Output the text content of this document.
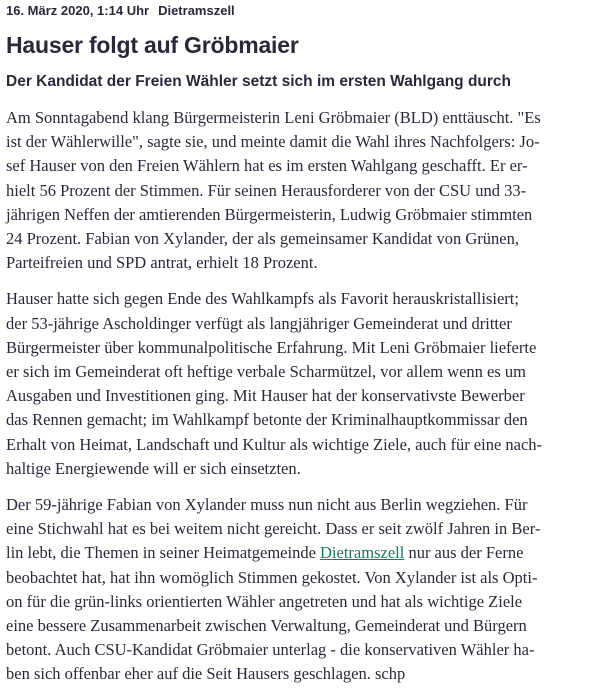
16. März 2020, 1:14 Uhr Dietramszell
Hauser folgt auf Gröbmaier
Der Kandidat der Freien Wähler setzt sich im ersten Wahlgang durch

Am Sonntagabend klang Bürgermeisterin Leni Gröbmaier (BLD) enttäuscht. "Es
ist der Wählerwille", sagte sie, und meinte damit die Wahl ihres Nachfolgers: Jo-
sef Hauser von den Freien Wählern hat es im ersten Wahlgang geschafft. Er er-
hielt 56 Prozent der Stimmen. Für seinen Herausforderer von der CSU und 33-
jährigen Neffen der amtierenden Bürgermeisterin, Ludwig Gröbmaier stimmten
24 Prozent. Fabian von Xylander, der als gemeinsamer Kandidat von Grünen,
Parteifreien und SPD antrat, erhielt 18 Prozent.

Hauser hatte sich gegen Ende des Wahlkampfs als Favorit herauskristallisiert;
der 53-jährige Ascholdinger verfügt als langjähriger Gemeinderat und dritter
Bürgermeister über kommunalpolitische Erfahrung. Mit Leni Gröbmaier lieferte
er sich im Gemeinderat oft heftige verbale Scharmützel, vor allem wenn es um
Ausgaben und Investitionen ging. Mit Hauser hat der konservativste Bewerber
das Rennen gemacht; im Wahlkampf betonte der Kriminalhauptkommissar den
Erhalt von Heimat, Landschaft und Kultur als wichtige Ziele, auch für eine nach-
haltige Energiewende will er sich einsetzten.

Der 59-jährige Fabian von Xylander muss nun nicht aus Berlin wegziehen. Für
eine Stichwahl hat es bei weitem nicht gereicht. Dass er seit zwölf Jahren in Ber-
lin lebt, die Themen in seiner Heimatgemeinde Dietramszell nur aus der Ferne
beobachtet hat, hat ihn womöglich Stimmen gekostet. Von Xylander ist als Opti-
on für die grün-links orientierten Wähler angetreten und hat als wichtige Ziele
eine bessere Zusammenarbeit zwischen Verwaltung, Gemeinderat und Bürgern
betont. Auch CSU-Kandidat Gröbmaier unterlag - die konservativen Wähler ha-
ben sich offenbar eher auf die Seit Hausers geschlagen. schp
